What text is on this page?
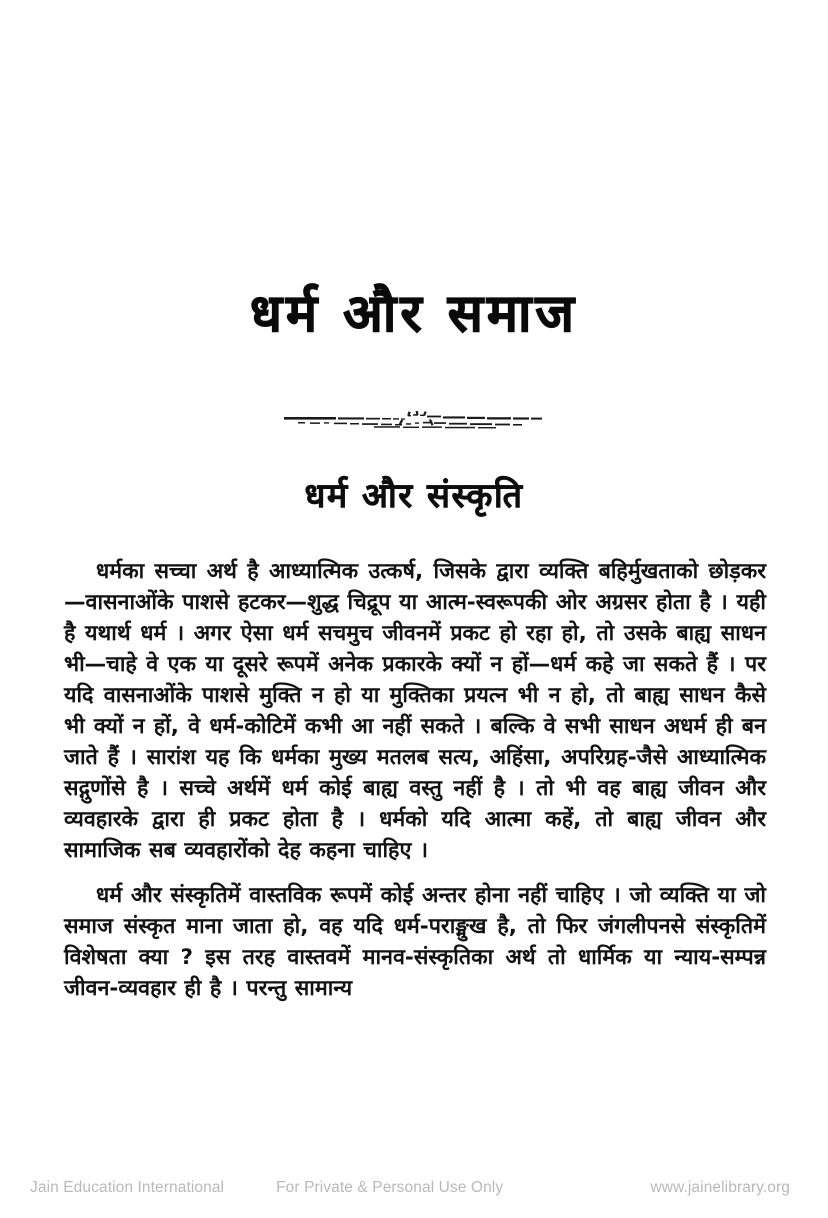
धर्म और समाज
धर्म और संस्कृति

धर्मका सच्चा अर्थ है आध्यात्मिक उत्कर्ष, जिसके द्वारा व्यक्ति बहिर्मुखताको छोड़कर—वासनाओंके पाशसे हटकर—शुद्ध चिद्रूप या आत्म-स्वरूपकी ओर अग्रसर होता है । यही है यथार्थ धर्म । अगर ऐसा धर्म सचमुच जीवनमें प्रकट हो रहा हो, तो उसके बाह्य साधन भी—चाहे वे एक या दूसरे रूपमें अनेक प्रकारके क्यों न हों—धर्म कहे जा सकते हैं । पर यदि वासनाओंके पाशसे मुक्ति न हो या मुक्तिका प्रयत्न भी न हो, तो बाह्य साधन कैसे भी क्यों न हों, वे धर्म-कोटिमें कभी आ नहीं सकते । बल्कि वे सभी साधन अधर्म ही बन जाते हैं । सारांश यह कि धर्मका मुख्य मतलब सत्य, अहिंसा, अपरिग्रह-जैसे आध्यात्मिक सद्गुणोंसे है । सच्चे अर्थमें धर्म कोई बाह्य वस्तु नहीं है । तो भी वह बाह्य जीवन और व्यवहारके द्वारा ही प्रकट होता है । धर्मको यदि आत्मा कहें, तो बाह्य जीवन और सामाजिक सब व्यवहारोंको देह कहना चाहिए ।

धर्म और संस्कृतिमें वास्तविक रूपमें कोई अन्तर होना नहीं चाहिए । जो व्यक्ति या जो समाज संस्कृत माना जाता हो, वह यदि धर्म-पराङ्मुख है, तो फिर जंगलीपनसे संस्कृतिमें विशेषता क्या ? इस तरह वास्तवमें मानव-संस्कृतिका अर्थ तो धार्मिक या न्याय-सम्पन्न जीवन-व्यवहार ही है । परन्तु सामान्य

Jain Education International	For Private & Personal Use Only	www.jainelibrary.org
